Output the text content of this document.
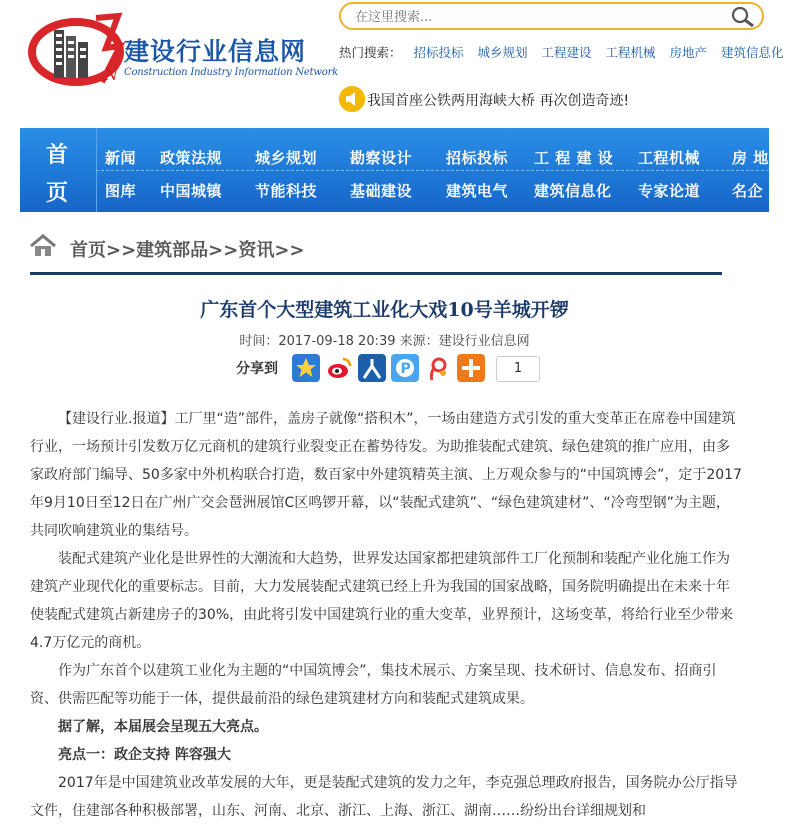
N
建设行业信息网
Construction Industry Information Network
在这里搜索...
热门搜索： 招标投标 城乡规划 工程建设 工程机械 房地产 建筑信息化
我国首座公铁两用海峡大桥 再次创造奇迹!
首
页
新闻 政策法规 城乡规划 勘察设计 招标投标 工 程 建 设 工程机械 房 地
图库 中国城镇 节能科技 基础建设 建筑电气 建筑信息化 专家论道 名企
首页>>建筑部品>>资讯>>
广东首个大型建筑工业化大戏10号羊城开锣
时间：2017-09-18 20:39 来源：建设行业信息网
分享到	P	1

【建设行业.报道】工厂里“造”部件，盖房子就像“搭积木”，一场由建造方式引发的重大变革正在席卷中国建筑行业，一场预计引发数万亿元商机的建筑行业裂变正在蓄势待发。为助推装配式建筑、绿色建筑的推广应用，由多家政府部门编导、50多家中外机构联合打造，数百家中外建筑精英主演、上万观众参与的“中国筑博会”，定于2017年9月10日至12日在广州广交会琶洲展馆C区鸣锣开幕，以“装配式建筑”、“绿色建筑建材”、“冷弯型钢”为主题，共同吹响建筑业的集结号。

装配式建筑产业化是世界性的大潮流和大趋势，世界发达国家都把建筑部件工厂化预制和装配产业化施工作为建筑产业现代化的重要标志。目前，大力发展装配式建筑已经上升为我国的国家战略，国务院明确提出在未来十年使装配式建筑占新建房子的30%，由此将引发中国建筑行业的重大变革，业界预计，这场变革，将给行业至少带来4.7万亿元的商机。

作为广东首个以建筑工业化为主题的“中国筑博会”，集技术展示、方案呈现、技术研讨、信息发布、招商引资、供需匹配等功能于一体，提供最前沿的绿色建筑建材方向和装配式建筑成果。

据了解，本届展会呈现五大亮点。

亮点一：政企支持 阵容强大

2017年是中国建筑业改革发展的大年，更是装配式建筑的发力之年，李克强总理政府报告，国务院办公厅指导文件，住建部各种积极部署，山东、河南、北京、浙江、上海、浙江、湖南……纷纷出台详细规划和
